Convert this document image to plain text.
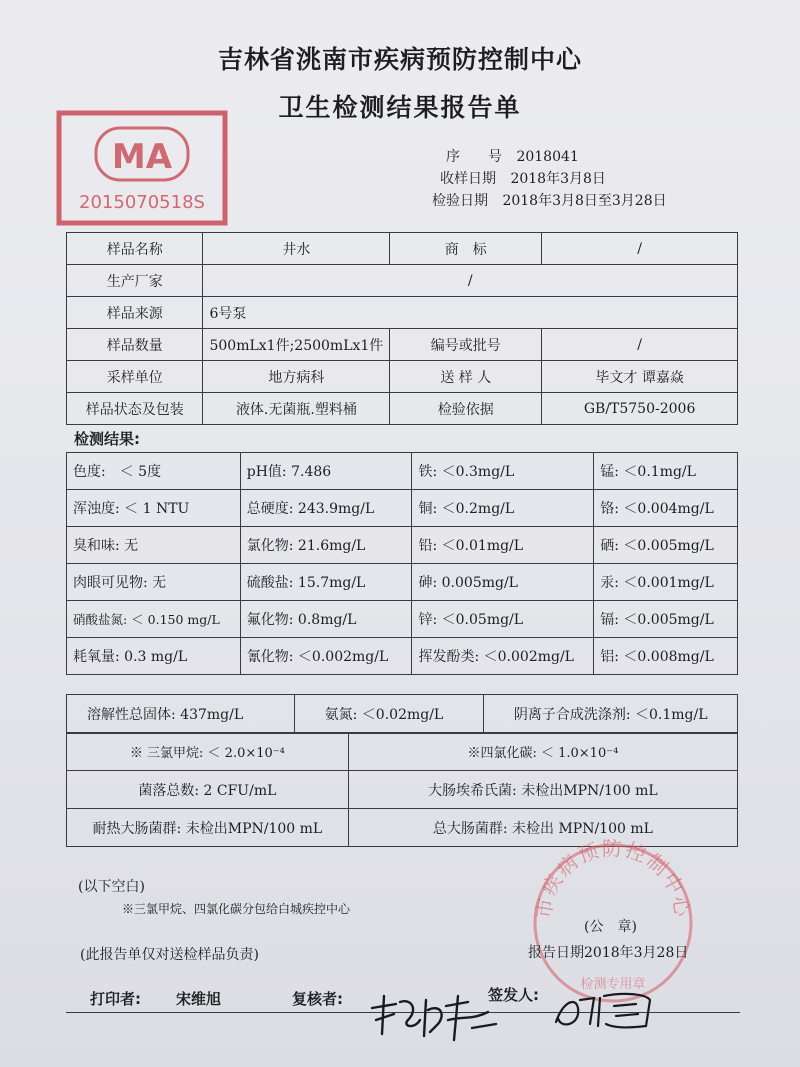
吉林省洮南市疾病预防控制中心
卫生检测结果报告单
MA
2015070518S
序　　号 2018041
收样日期 2018年3月8日
检验日期 2018年3月8日至3月28日
样品名称	井水	商　标	/
生产厂家	/		
样品来源	6号泵		
样品数量	500mLx1件;2500mLx1件	编号或批号	/
采样单位	地方病科	送 样 人	毕文才 谭嘉焱
样品状态及包装	液体.无菌瓶.塑料桶	检验依据	GB/T5750-2006
检测结果:
色度:　＜ 5度	pH值: 7.486	铁: ＜0.3mg/L	锰: ＜0.1mg/L
浑浊度: ＜ 1 NTU	总硬度: 243.9mg/L	铜: ＜0.2mg/L	铬: ＜0.004mg/L
臭和味: 无	氯化物: 21.6mg/L	铅: ＜0.01mg/L	硒: ＜0.005mg/L
肉眼可见物: 无	硫酸盐: 15.7mg/L	砷: 0.005mg/L	汞: ＜0.001mg/L
硝酸盐氮: ＜ 0.150 mg/L	氟化物: 0.8mg/L	锌: ＜0.05mg/L	镉: ＜0.005mg/L
耗氧量: 0.3 mg/L	氰化物: ＜0.002mg/L	挥发酚类: ＜0.002mg/L	铝: ＜0.008mg/L
溶解性总固体: 437mg/L	氨氮: ＜0.02mg/L	阴离子合成洗涤剂: ＜0.1mg/L
※ 三氯甲烷: ＜ 2.0×10⁻⁴	※四氯化碳: ＜ 1.0×10⁻⁴
菌落总数: 2 CFU/mL	大肠埃希氏菌: 未检出MPN/100 mL
耐热大肠菌群: 未检出MPN/100 mL	总大肠菌群: 未检出 MPN/100 mL
市疾病预防控制中心
检测专用章
(以下空白)
※三氯甲烷、四氯化碳分包给白城疾控中心
(公　章)
(此报告单仅对送检样品负责)	报告日期2018年3月28日
打印者: 宋维旭	复核者:	签发人:
